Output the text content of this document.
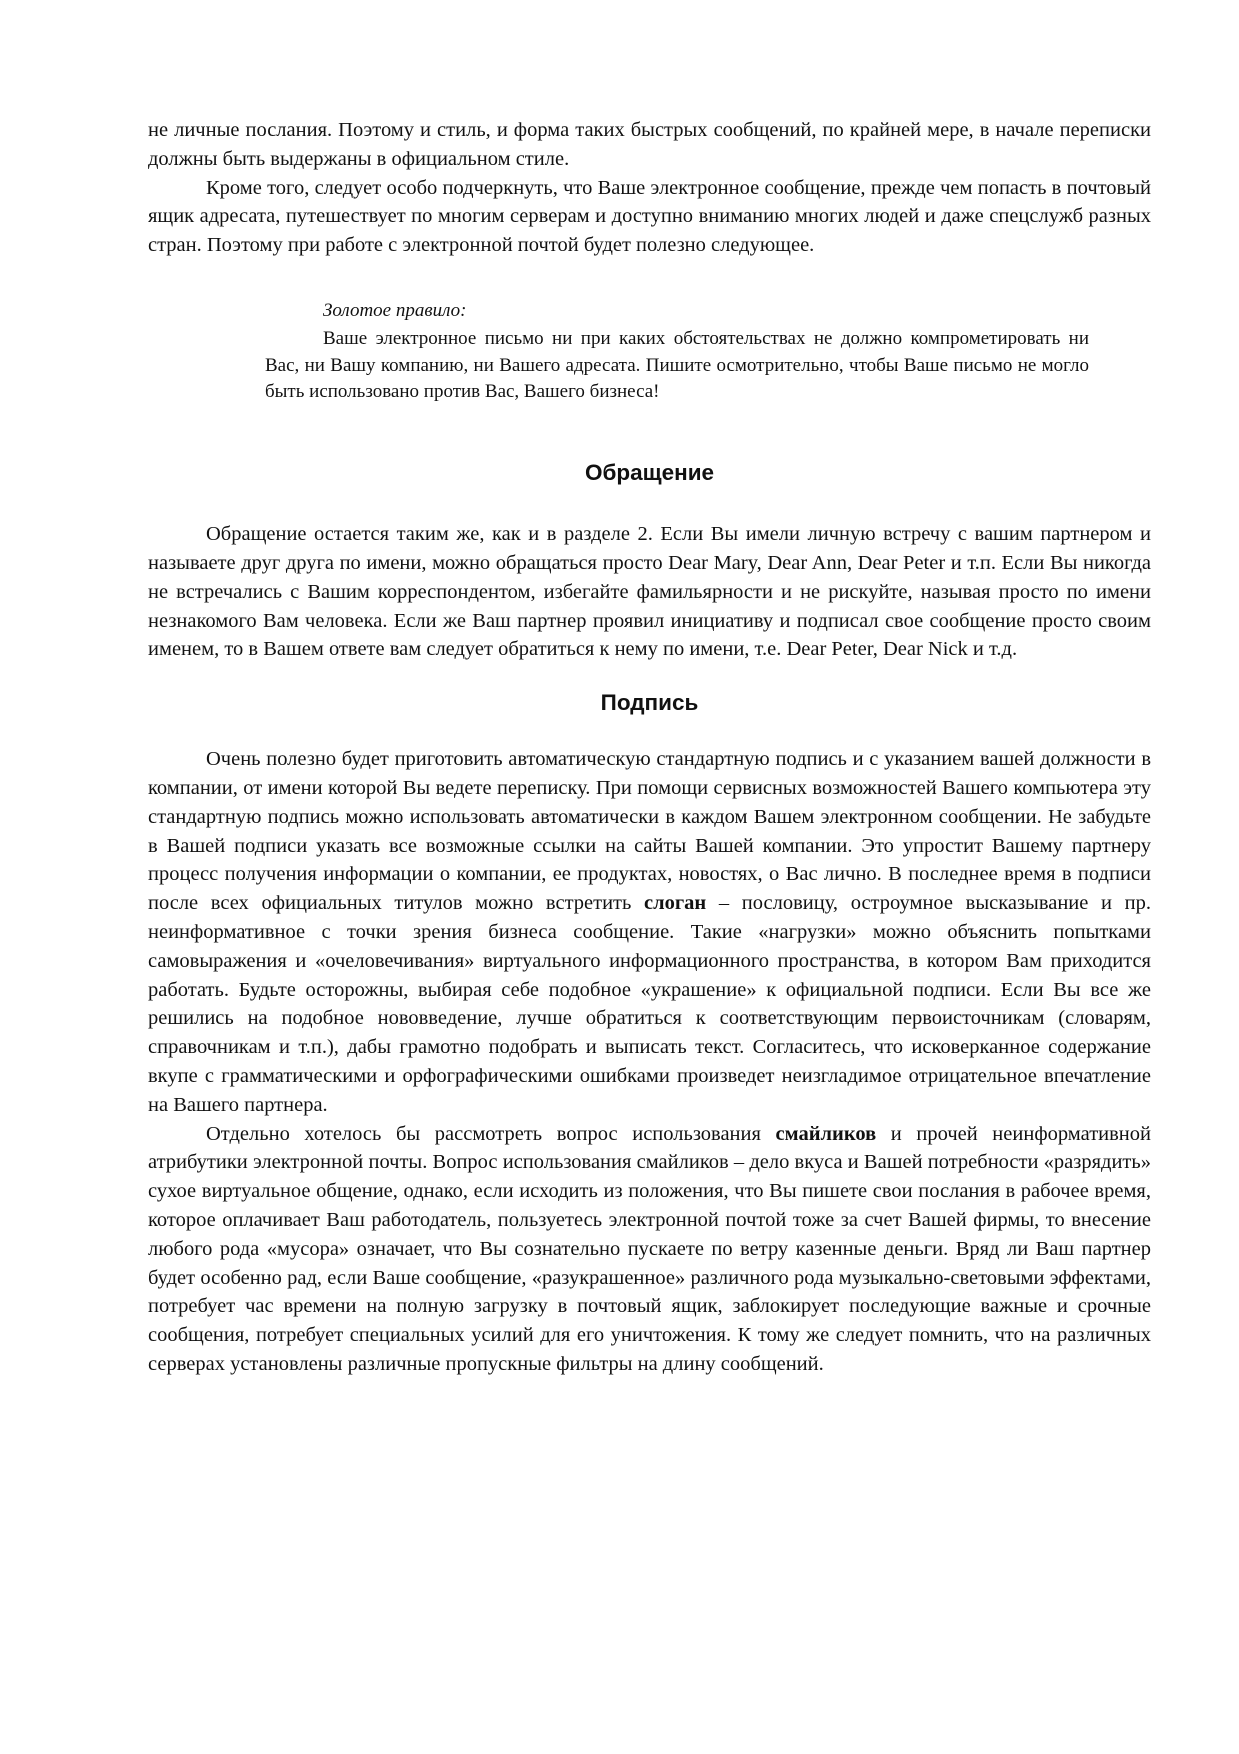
не личные послания. Поэтому и стиль, и форма таких быстрых сообщений, по крайней мере, в начале переписки должны быть выдержаны в официальном стиле.

Кроме того, следует особо подчеркнуть, что Ваше электронное сообщение, прежде чем попасть в почтовый ящик адресата, путешествует по многим серверам и доступно вниманию многих людей и даже спецслужб разных стран. Поэтому при работе с электронной почтой будет полезно следующее.

Золотое правило:

Ваше электронное письмо ни при каких обстоятельствах не должно компрометировать ни Вас, ни Вашу компанию, ни Вашего адресата. Пишите осмотрительно, чтобы Ваше письмо не могло быть использовано против Вас, Вашего бизнеса!

Обращение

Обращение остается таким же, как и в разделе 2. Если Вы имели личную встречу с вашим партнером и называете друг друга по имени, можно обращаться просто Dear Mary, Dear Ann, Dear Peter и т.п. Если Вы никогда не встречались с Вашим корреспондентом, избегайте фамильярности и не рискуйте, называя просто по имени незнакомого Вам человека. Если же Ваш партнер проявил инициативу и подписал свое сообщение просто своим именем, то в Вашем ответе вам следует обратиться к нему по имени, т.е. Dear Peter, Dear Nick и т.д.

Подпись

Очень полезно будет приготовить автоматическую стандартную подпись и с указанием вашей должности в компании, от имени которой Вы ведете переписку. При помощи сервисных возможностей Вашего компьютера эту стандартную подпись можно использовать автоматически в каждом Вашем электронном сообщении. Не забудьте в Вашей подписи указать все возможные ссылки на сайты Вашей компании. Это упростит Вашему партнеру процесс получения информации о компании, ее продуктах, новостях, о Вас лично. В последнее время в подписи после всех официальных титулов можно встретить слоган – пословицу, остроумное высказывание и пр. неинформативное с точки зрения бизнеса сообщение. Такие «нагрузки» можно объяснить попытками самовыражения и «очеловечивания» виртуального информационного пространства, в котором Вам приходится работать. Будьте осторожны, выбирая себе подобное «украшение» к официальной подписи. Если Вы все же решились на подобное нововведение, лучше обратиться к соответствующим первоисточникам (словарям, справочникам и т.п.), дабы грамотно подобрать и выписать текст. Согласитесь, что исковерканное содержание вкупе с грамматическими и орфографическими ошибками произведет неизгладимое отрицательное впечатление на Вашего партнера.

Отдельно хотелось бы рассмотреть вопрос использования смайликов и прочей неинформативной атрибутики электронной почты. Вопрос использования смайликов – дело вкуса и Вашей потребности «разрядить» сухое виртуальное общение, однако, если исходить из положения, что Вы пишете свои послания в рабочее время, которое оплачивает Ваш работодатель, пользуетесь электронной почтой тоже за счет Вашей фирмы, то внесение любого рода «мусора» означает, что Вы сознательно пускаете по ветру казенные деньги. Вряд ли Ваш партнер будет особенно рад, если Ваше сообщение, «разукрашенное» различного рода музыкально-световыми эффектами, потребует час времени на полную загрузку в почтовый ящик, заблокирует последующие важные и срочные сообщения, потребует специальных усилий для его уничтожения. К тому же следует помнить, что на различных серверах установлены различные пропускные фильтры на длину сообщений.
